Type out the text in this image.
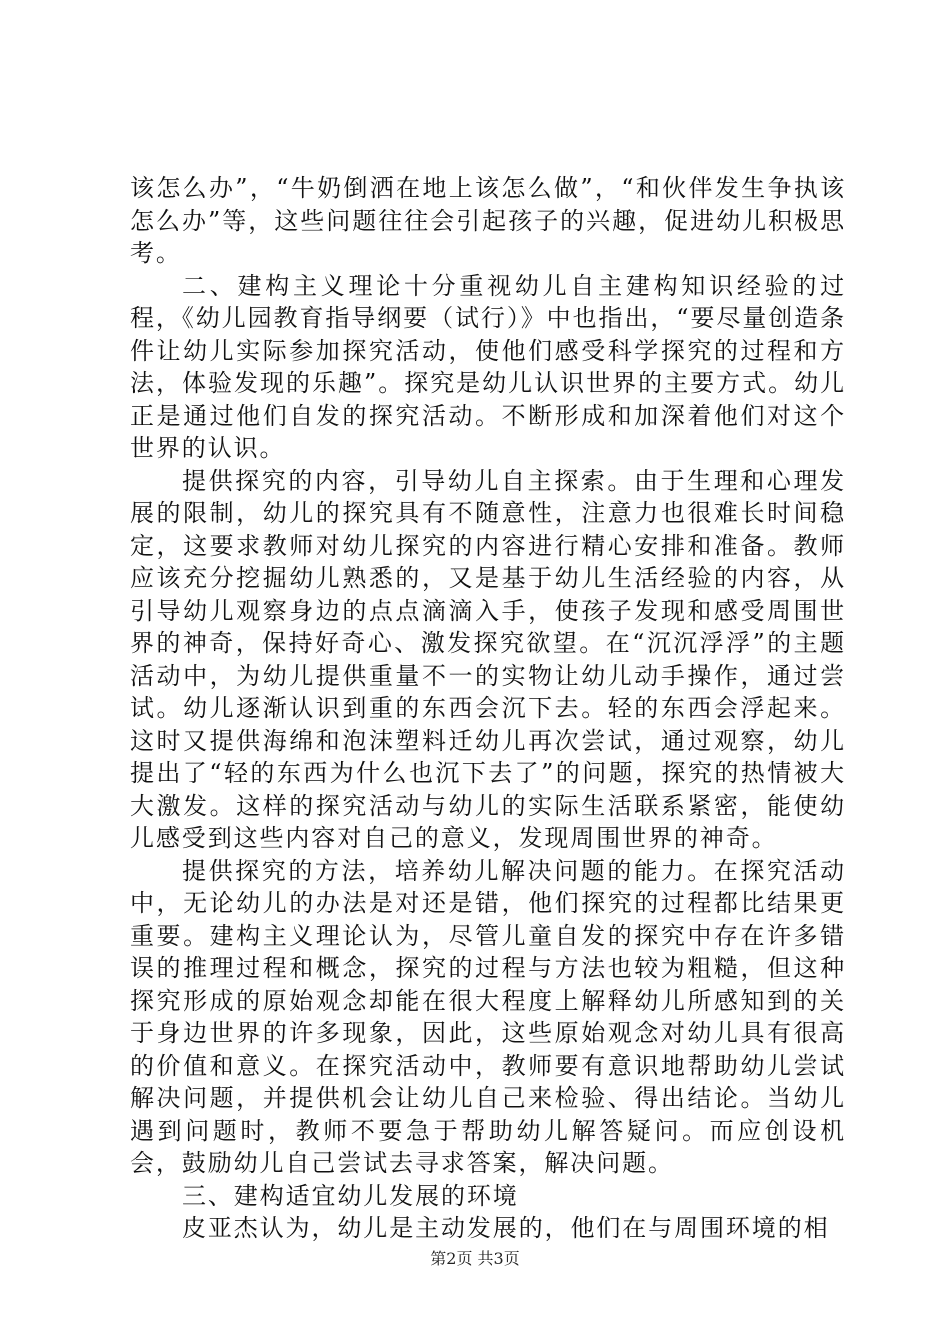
该怎么办”，“牛奶倒洒在地上该怎么做”，“和伙伴发生争执该怎么办”等，这些问题往往会引起孩子的兴趣，促进幼儿积极思考。

二、建构主义理论十分重视幼儿自主建构知识经验的过程，《幼儿园教育指导纲要（试行）》中也指出，“要尽量创造条件让幼儿实际参加探究活动，使他们感受科学探究的过程和方法，体验发现的乐趣”。探究是幼儿认识世界的主要方式。幼儿正是通过他们自发的探究活动。不断形成和加深着他们对这个世界的认识。

提供探究的内容，引导幼儿自主探索。由于生理和心理发展的限制，幼儿的探究具有不随意性，注意力也很难长时间稳定，这要求教师对幼儿探究的内容进行精心安排和准备。教师应该充分挖掘幼儿熟悉的，又是基于幼儿生活经验的内容，从引导幼儿观察身边的点点滴滴入手，使孩子发现和感受周围世界的神奇，保持好奇心、激发探究欲望。在“沉沉浮浮”的主题活动中，为幼儿提供重量不一的实物让幼儿动手操作，通过尝试。幼儿逐渐认识到重的东西会沉下去。轻的东西会浮起来。这时又提供海绵和泡沫塑料迁幼儿再次尝试，通过观察，幼儿提出了“轻的东西为什么也沉下去了”的问题，探究的热情被大大激发。这样的探究活动与幼儿的实际生活联系紧密，能使幼儿感受到这些内容对自己的意义，发现周围世界的神奇。

提供探究的方法，培养幼儿解决问题的能力。在探究活动中，无论幼儿的办法是对还是错，他们探究的过程都比结果更重要。建构主义理论认为，尽管儿童自发的探究中存在许多错误的推理过程和概念，探究的过程与方法也较为粗糙，但这种探究形成的原始观念却能在很大程度上解释幼儿所感知到的关于身边世界的许多现象，因此，这些原始观念对幼儿具有很高的价值和意义。在探究活动中，教师要有意识地帮助幼儿尝试解决问题，并提供机会让幼儿自己来检验、得出结论。当幼儿遇到问题时，教师不要急于帮助幼儿解答疑问。而应创设机会，鼓励幼儿自己尝试去寻求答案，解决问题。

三、建构适宜幼儿发展的环境

皮亚杰认为，幼儿是主动发展的，他们在与周围环境的相

第2页 共3页
